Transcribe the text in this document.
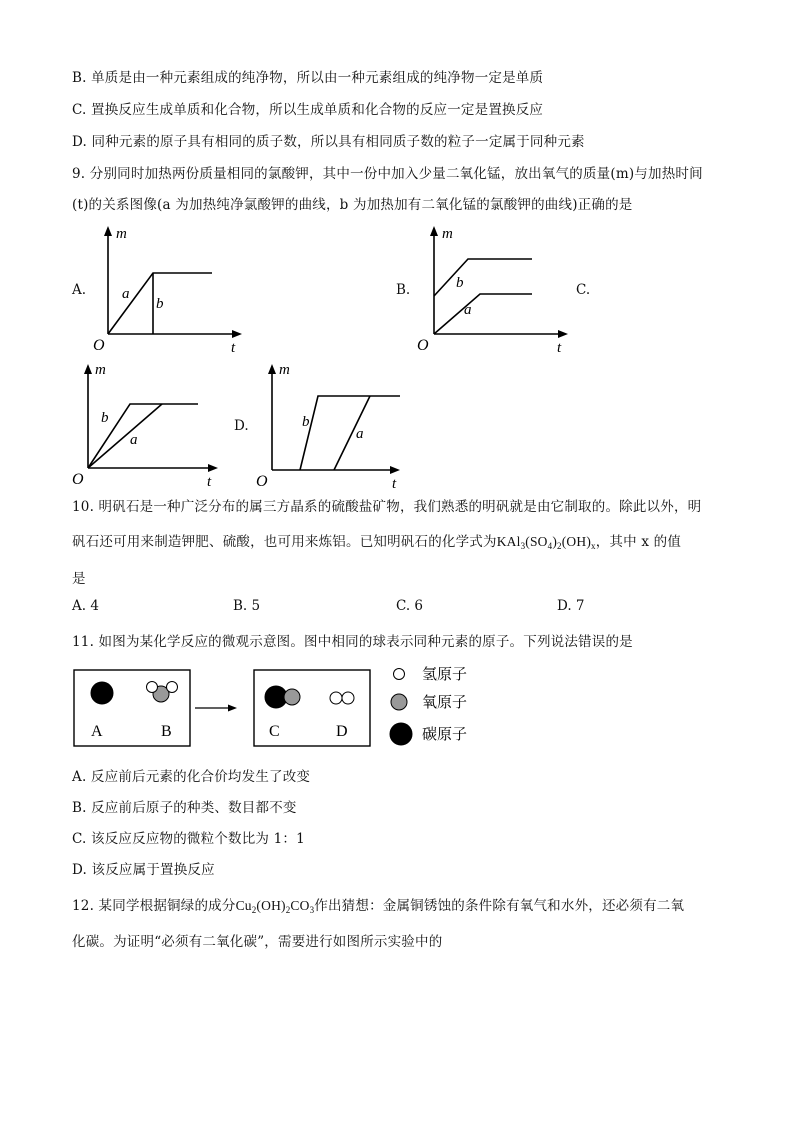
B. 单质是由一种元素组成的纯净物，所以由一种元素组成的纯净物一定是单质
C. 置换反应生成单质和化合物，所以生成单质和化合物的反应一定是置换反应
D. 同种元素的原子具有相同的质子数，所以具有相同质子数的粒子一定属于同种元素
9. 分别同时加热两份质量相同的氯酸钾，其中一份中加入少量二氧化锰，放出氧气的质量(m)与加热时间
(t)的关系图像(a 为加热纯净氯酸钾的曲线，b 为加热加有二氧化锰的氯酸钾的曲线)正确的是
A.	B.	C.
D.
m
t
O
a
b
m
t
O
b
a
m
t
O
b
a
m
t
O
b
a
10. 明矾石是一种广泛分布的属三方晶系的硫酸盐矿物，我们熟悉的明矾就是由它制取的。除此以外，明
矾石还可用来制造钾肥、硫酸，也可用来炼铝。已知明矾石的化学式为$KAl_3(SO_4)_2(OH)_x$，其中 x 的值
是
A. 4	B. 5	C. 6	D. 7
11. 如图为某化学反应的微观示意图。图中相同的球表示同种元素的原子。下列说法错误的是
A	B	C	D
氢原子
氧原子
碳原子
A. 反应前后元素的化合价均发生了改变
B. 反应前后原子的种类、数目都不变
C. 该反应反应物的微粒个数比为 1：1
D. 该反应属于置换反应
12. 某同学根据铜绿的成分$Cu_2(OH)_2CO_3$作出猜想：金属铜锈蚀的条件除有氧气和水外，还必须有二氧
化碳。为证明“必须有二氧化碳”，需要进行如图所示实验中的
